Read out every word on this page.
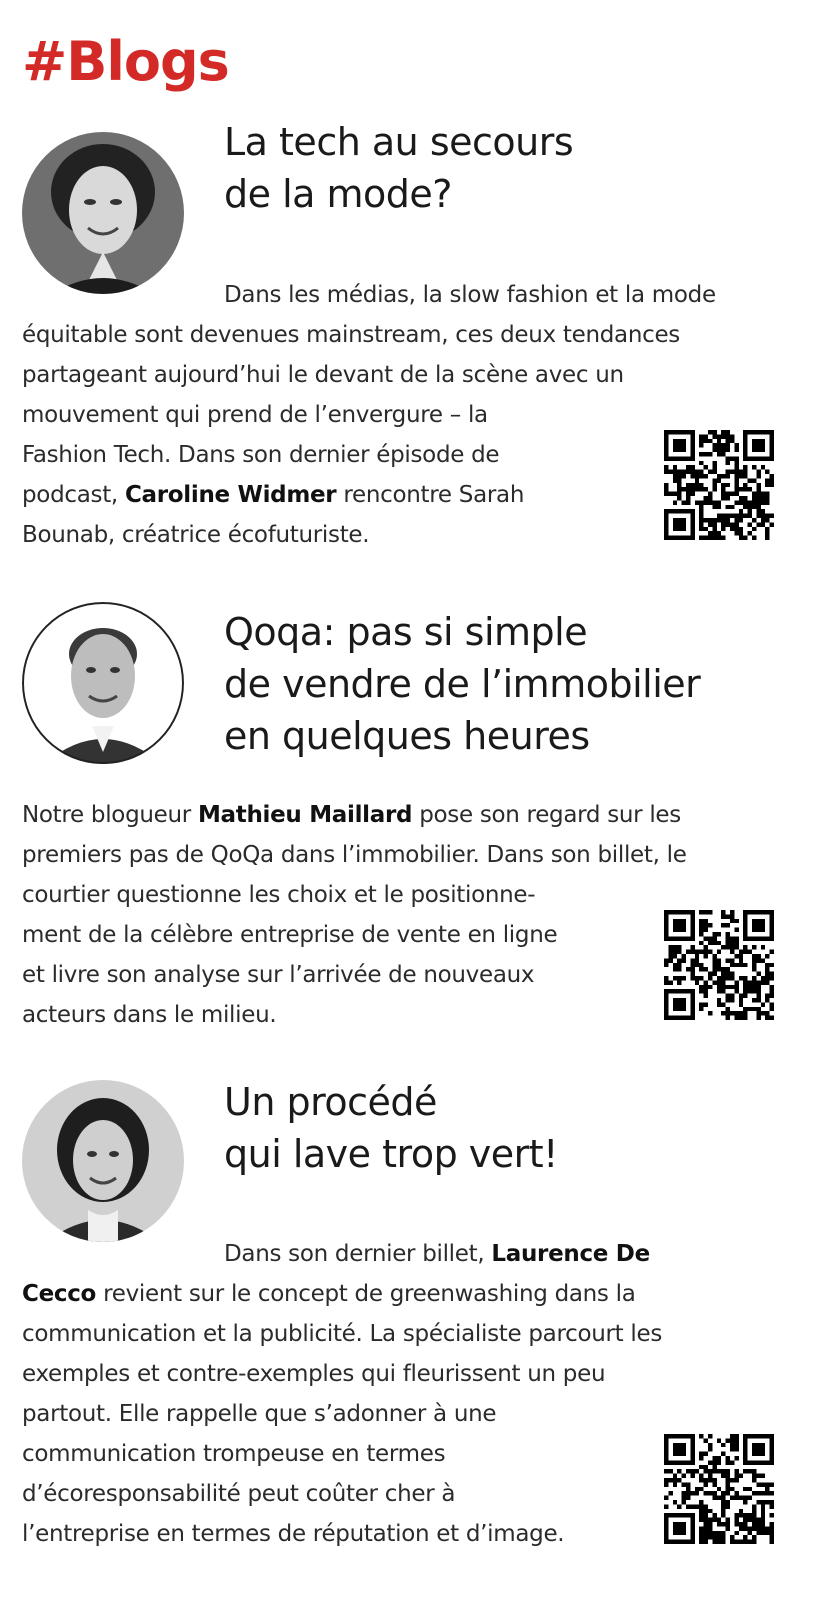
#Blogs
La tech au secours
de la mode?

Dans les médias, la slow fashion et la mode
équitable sont devenues mainstream, ces deux tendances
partageant aujourd’hui le devant de la scène avec un
mouvement qui prend de l’envergure – la
Fashion Tech. Dans son dernier épisode de
podcast, Caroline Widmer rencontre Sarah
Bounab, créatrice écofuturiste.

Qoqa: pas si simple
de vendre de l’immobilier
en quelques heures

Notre blogueur Mathieu Maillard pose son regard sur les
premiers pas de QoQa dans l’immobilier. Dans son billet, le
courtier questionne les choix et le positionne-
ment de la célèbre entreprise de vente en ligne
et livre son analyse sur l’arrivée de nouveaux
acteurs dans le milieu.

Un procédé
qui lave trop vert!

Dans son dernier billet, Laurence De
Cecco revient sur le concept de greenwashing dans la
communication et la publicité. La spécialiste parcourt les
exemples et contre-exemples qui fleurissent un peu
partout. Elle rappelle que s’adonner à une
communication trompeuse en termes
d’écoresponsabilité peut coûter cher à
l’entreprise en termes de réputation et d’image.
